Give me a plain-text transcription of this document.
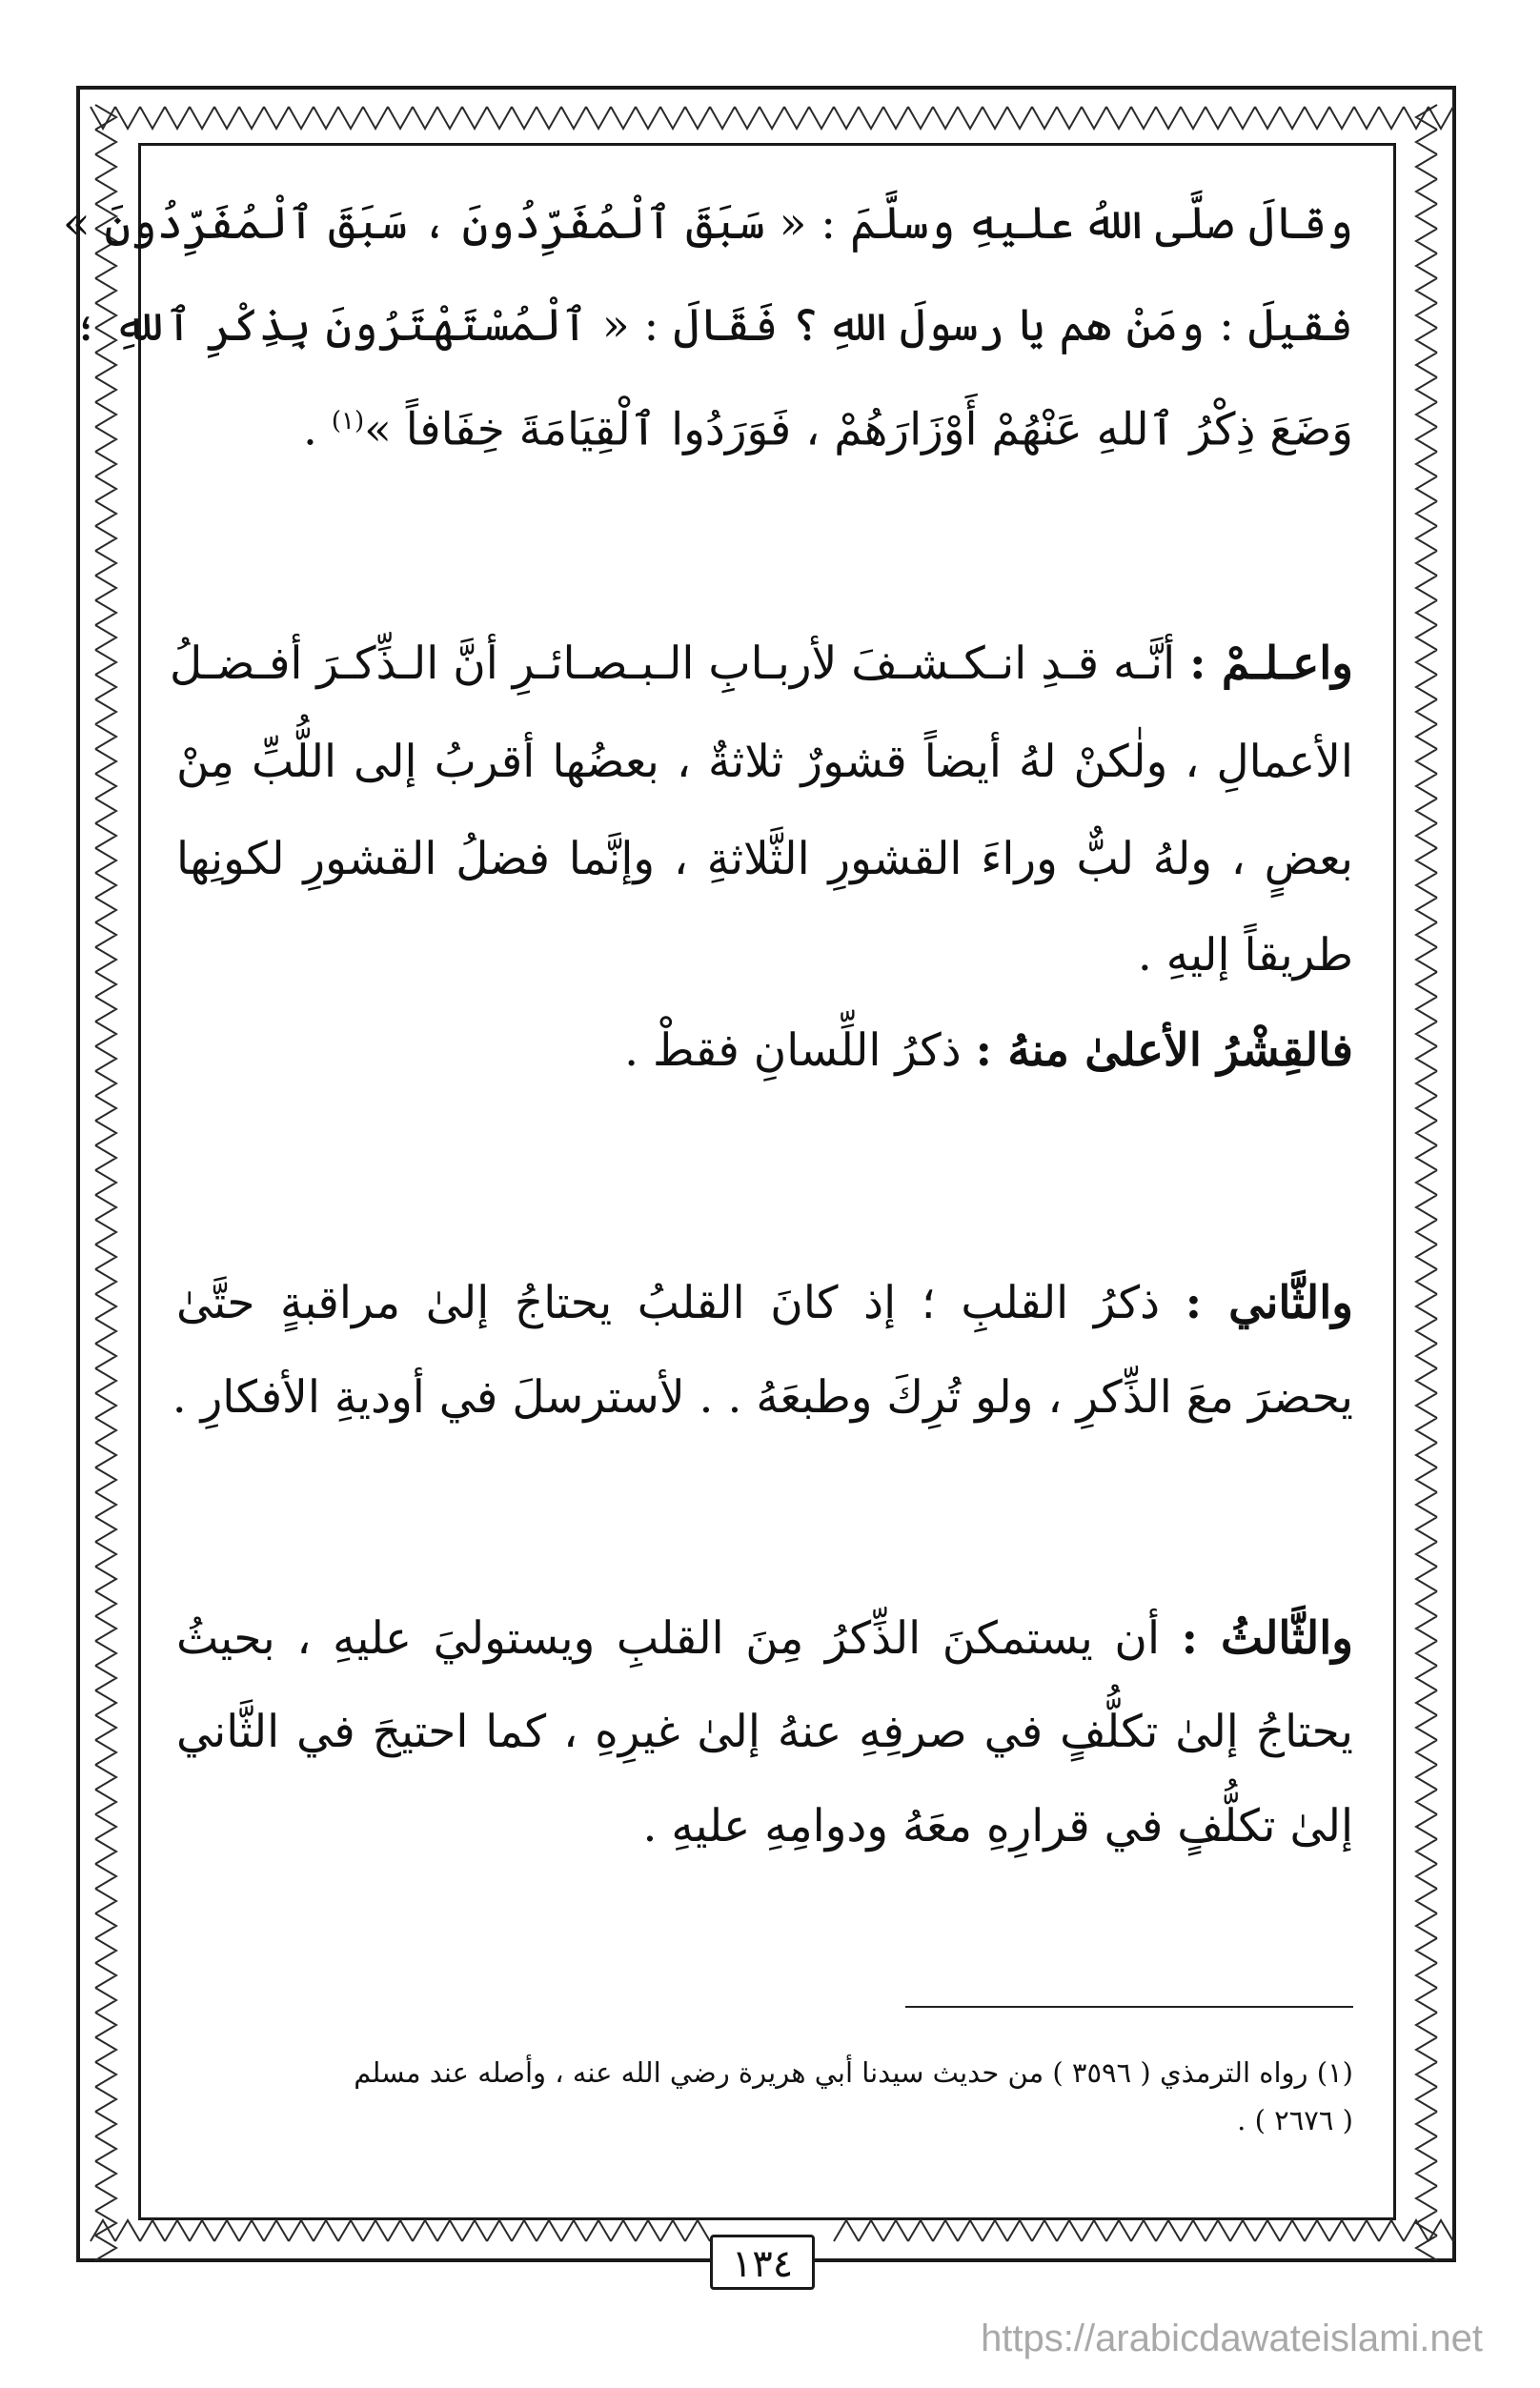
وقالَ صلَّى اللهُ عليهِ وسلَّمَ : « سَبَقَ ٱلْمُفَرِّدُونَ ، سَبَقَ ٱلْمُفَرِّدُونَ »
فقيلَ : ومَنْ هم يا رسولَ اللهِ ؟ فَقَالَ : « ٱلْمُسْتَهْتَرُونَ بِذِكْرِ ٱللهِ ؛
وَضَعَ ذِكْرُ ٱللهِ عَنْهُمْ أَوْزَارَهُمْ ، فَوَرَدُوا ٱلْقِيَامَةَ خِفَافاً »$^{(١)}$ .
واعـلـمْ : أنَّـه قـدِ انـكـشـفَ لأربـابِ الـبـصـائـرِ أنَّ الـذِّكـرَ أفـضـلُ
الأعمالِ ، ولٰكنْ لهُ أيضاً قشورٌ ثلاثةٌ ، بعضُها أقربُ إلى اللُّبِّ مِنْ
بعضٍ ، ولهُ لبٌّ وراءَ القشورِ الثَّلاثةِ ، وإنَّما فضلُ القشورِ لكونِها
طريقاً إليهِ .
فالقِشْرُ الأعلىٰ منهُ : ذكرُ اللِّسانِ فقطْ .
والثَّاني : ذكرُ القلبِ ؛ إذ كانَ القلبُ يحتاجُ إلىٰ مراقبةٍ حتَّىٰ
يحضرَ معَ الذِّكرِ ، ولو تُرِكَ وطبعَهُ . . لأسترسلَ في أوديةِ الأفكارِ .
والثَّالثُ : أن يستمكنَ الذِّكرُ مِنَ القلبِ ويستوليَ عليهِ ، بحيثُ
يحتاجُ إلىٰ تكلُّفٍ في صرفِهِ عنهُ إلىٰ غيرِهِ ، كما احتيجَ في الثَّاني
إلىٰ تكلُّفٍ في قرارِهِ معَهُ ودوامِهِ عليهِ .
(١) رواه الترمذي ( ٣٥٩٦ ) من حديث سيدنا أبي هريرة رضي الله عنه ، وأصله عند مسلم
( ٢٦٧٦ ) .
١٣٤
https://arabicdawateislami.net
